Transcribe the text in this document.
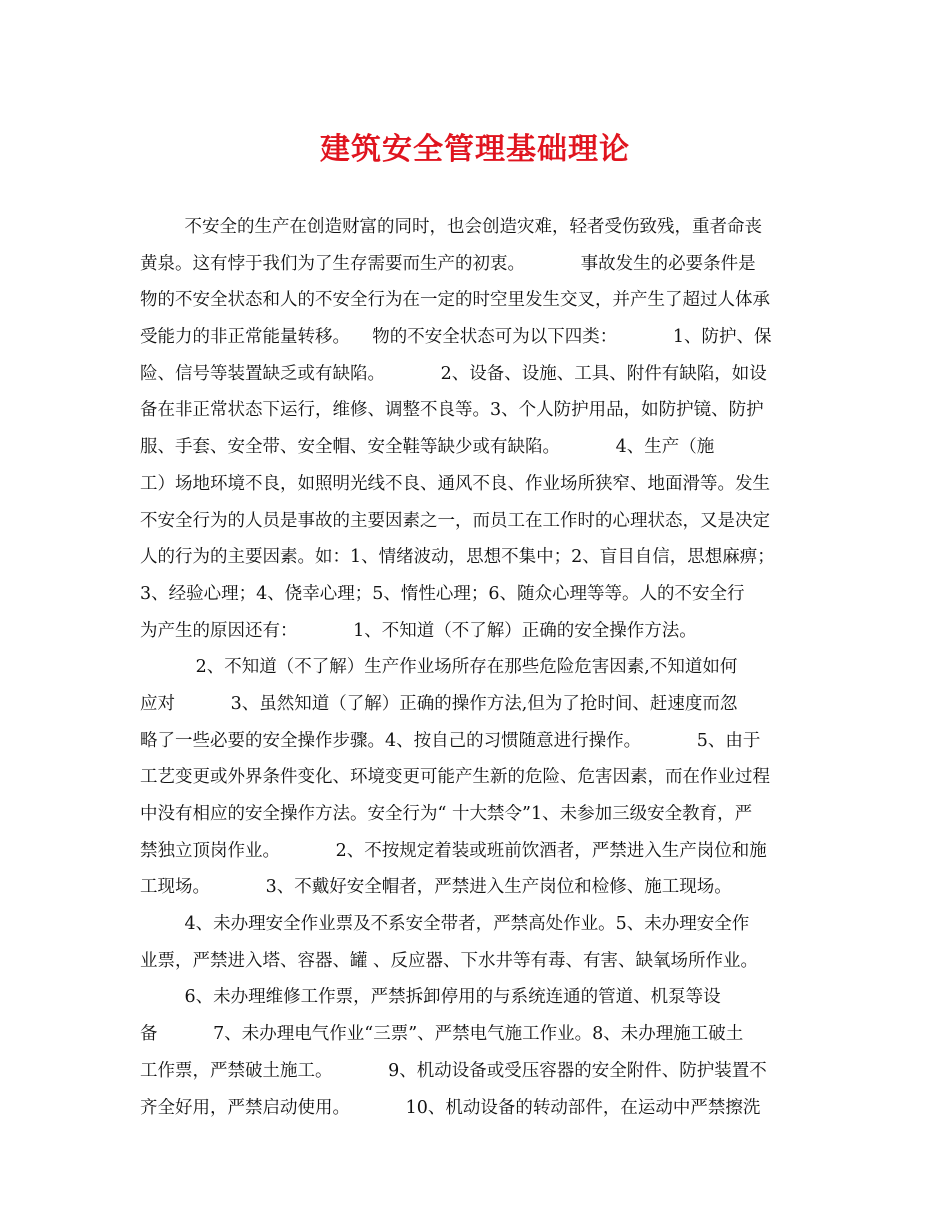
建筑安全管理基础理论
不安全的生产在创造财富的同时，也会创造灾难，轻者受伤致残，重者命丧
黄泉。这有悖于我们为了生存需要而生产的初衷。          事故发生的必要条件是
物的不安全状态和人的不安全行为在一定的时空里发生交叉，并产生了超过人体承
受能力的非正常能量转移。    物的不安全状态可为以下四类：          1、防护、保
险、信号等装置缺乏或有缺陷。          2、设备、设施、工具、附件有缺陷，如设
备在非正常状态下运行，维修、调整不良等。3、个人防护用品，如防护镜、防护
服、手套、安全带、安全帽、安全鞋等缺少或有缺陷。          4、生产（施
工）场地环境不良，如照明光线不良、通风不良、作业场所狭窄、地面滑等。发生
不安全行为的人员是事故的主要因素之一，而员工在工作时的心理状态，又是决定
人的行为的主要因素。如：1、情绪波动，思想不集中；2、盲目自信，思想麻痹；
3、经验心理；4、侥幸心理；5、惰性心理；6、随众心理等等。人的不安全行
为产生的原因还有：          1、不知道（不了解）正确的安全操作方法。
2、不知道（不了解）生产作业场所存在那些危险危害因素,不知道如何
应对          3、虽然知道（了解）正确的操作方法,但为了抢时间、赶速度而忽
略了一些必要的安全操作步骤。4、按自己的习惯随意进行操作。          5、由于
工艺变更或外界条件变化、环境变更可能产生新的危险、危害因素，而在作业过程
中没有相应的安全操作方法。安全行为“ 十大禁令”1、未参加三级安全教育，严
禁独立顶岗作业。          2、不按规定着装或班前饮酒者，严禁进入生产岗位和施
工现场。          3、不戴好安全帽者，严禁进入生产岗位和检修、施工现场。
4、未办理安全作业票及不系安全带者，严禁高处作业。5、未办理安全作
业票，严禁进入塔、容器、罐 、反应器、下水井等有毒、有害、缺氧场所作业。
6、未办理维修工作票，严禁拆卸停用的与系统连通的管道、机泵等设
备          7、未办理电气作业“三票”、严禁电气施工作业。8、未办理施工破土
工作票，严禁破土施工。          9、机动设备或受压容器的安全附件、防护装置不
齐全好用，严禁启动使用。          10、机动设备的转动部件，在运动中严禁擦洗
